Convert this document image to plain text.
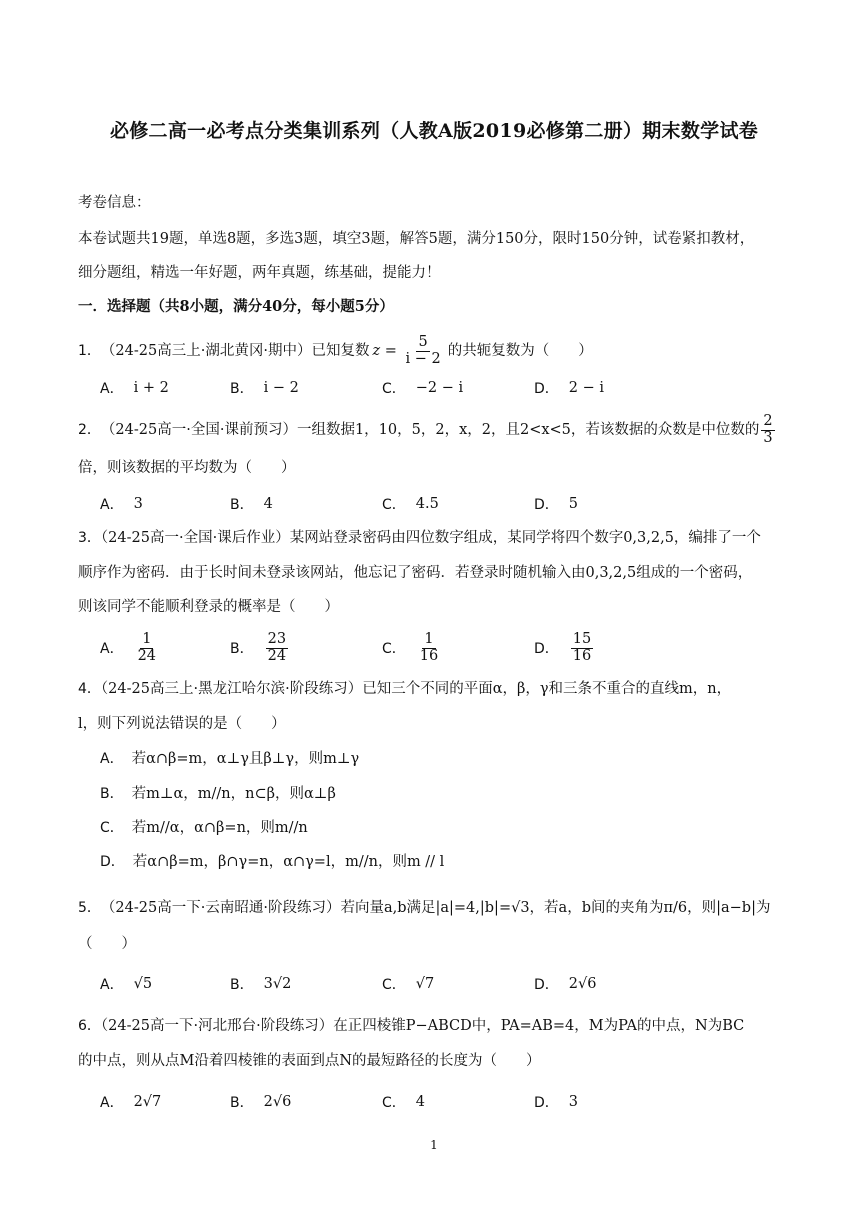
必修二高一必考点分类集训系列（人教A版2019必修第二册）期末数学试卷
考卷信息：
本卷试题共19题，单选8题，多选3题，填空3题，解答5题，满分150分，限时150分钟，试卷紧扣教材，
细分题组，精选一年好题，两年真题，练基础，提能力！
一．选择题（共8小题，满分40分，每小题5分）
1． （24-25高三上·湖北黄冈·期中） 已知复数 $z = \frac{5}{i - 2}$ 的共轭复数为（　　）
A． i + 2	B． i − 2	C． −2 − i	D． 2 − i
2． （24-25高一·全国·课前预习） 一组数据1，10，5，2，x，2，且2<x<5，若该数据的众数是中位数的 $\frac{2}{3}$
倍，则该数据的平均数为（　　）
A． 3	B． 4	C． 4.5	D． 5
3．（24-25高一·全国·课后作业）某网站登录密码由四位数字组成，某同学将四个数字0,3,2,5，编排了一个
顺序作为密码．由于长时间未登录该网站，他忘记了密码．若登录时随机输入由0,3,2,5组成的一个密码，
则该同学不能顺利登录的概率是（　　）
A． $\frac{1}{24}$	B． $\frac{23}{24}$	C． $\frac{1}{16}$	D． $\frac{15}{16}$
4．（24-25高三上·黑龙江哈尔滨·阶段练习）已知三个不同的平面α，β，γ和三条不重合的直线m，n，
l，则下列说法错误的是（　　）
A． 若α∩β=m，α⊥γ且β⊥γ，则m⊥γ
B． 若m⊥α，m//n，n⊂β，则α⊥β
C． 若m//α，α∩β=n，则m//n
D． 若α∩β=m，β∩γ=n，α∩γ=l，m//n，则m // l
5． （24-25高一下·云南昭通·阶段练习） 若向量a,b满足|a|=4,|b|=√3，若a，b间的夹角为π/6，则|a−b|为
（　　）
A． √5	B． 3√2	C． √7	D． 2√6
6．（24-25高一下·河北邢台·阶段练习）在正四棱锥P−ABCD中，PA=AB=4，M为PA的中点，N为BC
的中点，则从点M沿着四棱锥的表面到点N的最短路径的长度为（　　）
A． 2√7	B． 2√6	C． 4	D． 3
1
